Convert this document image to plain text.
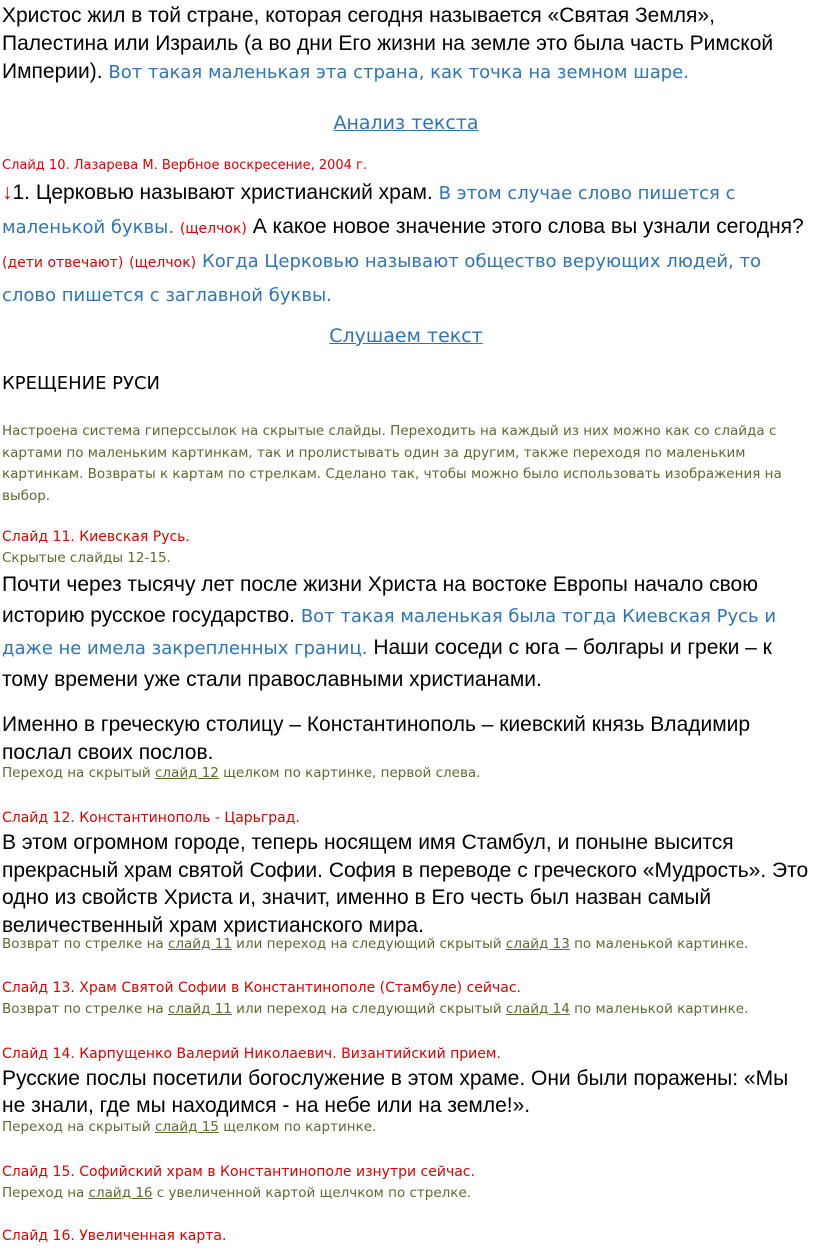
Христос жил в той стране, которая сегодня называется «Святая Земля», Палестина или Израиль (а во дни Его жизни на земле это была часть Римской Империи). Вот такая маленькая эта страна, как точка на земном шаре.

Анализ текста

Слайд 10. Лазарева М. Вербное воскресение, 2004 г.

↓1. Церковью называют христианский храм. В этом случае слово пишется с маленькой буквы. (щелчок) А какое новое значение этого слова вы узнали сегодня? (дети отвечают) (щелчок) Когда Церковью называют общество верующих людей, то слово пишется с заглавной буквы.

Слушаем текст

КРЕЩЕНИЕ РУСИ

Настроена система гиперссылок на скрытые слайды. Переходить на каждый из них можно как со слайда с картами по маленьким картинкам, так и пролистывать один за другим, также переходя по маленьким картинкам. Возвраты к картам по стрелкам. Сделано так, чтобы можно было использовать изображения на выбор.

Слайд 11. Киевская Русь.

Скрытые слайды 12-15.

Почти через тысячу лет после жизни Христа на востоке Европы начало свою историю русское государство. Вот такая маленькая была тогда Киевская Русь и даже не имела закрепленных границ. Наши соседи с юга – болгары и греки – к тому времени уже стали православными христианами.

Именно в греческую столицу – Константинополь – киевский князь Владимир послал своих послов.

Переход на скрытый слайд 12 щелком по картинке, первой слева.

Слайд 12. Константинополь - Царьград.

В этом огромном городе, теперь носящем имя Стамбул, и поныне высится прекрасный храм святой Софии. София в переводе с греческого «Мудрость». Это одно из свойств Христа и, значит, именно в Его честь был назван самый величественный храм христианского мира.

Возврат по стрелке на слайд 11 или переход на следующий скрытый слайд 13 по маленькой картинке.

Слайд 13. Храм Святой Софии в Константинополе (Стамбуле) сейчас.

Возврат по стрелке на слайд 11 или переход на следующий скрытый слайд 14 по маленькой картинке.

Слайд 14. Карпущенко Валерий Николаевич. Византийский прием.

Русские послы посетили богослужение в этом храме. Они были поражены: «Мы не знали, где мы находимся - на небе или на земле!».

Переход на скрытый слайд 15 щелком по картинке.

Слайд 15. Софийский храм в Константинополе изнутри сейчас.

Переход на слайд 16 с увеличенной картой щелчком по стрелке.

Слайд 16. Увеличенная карта.
